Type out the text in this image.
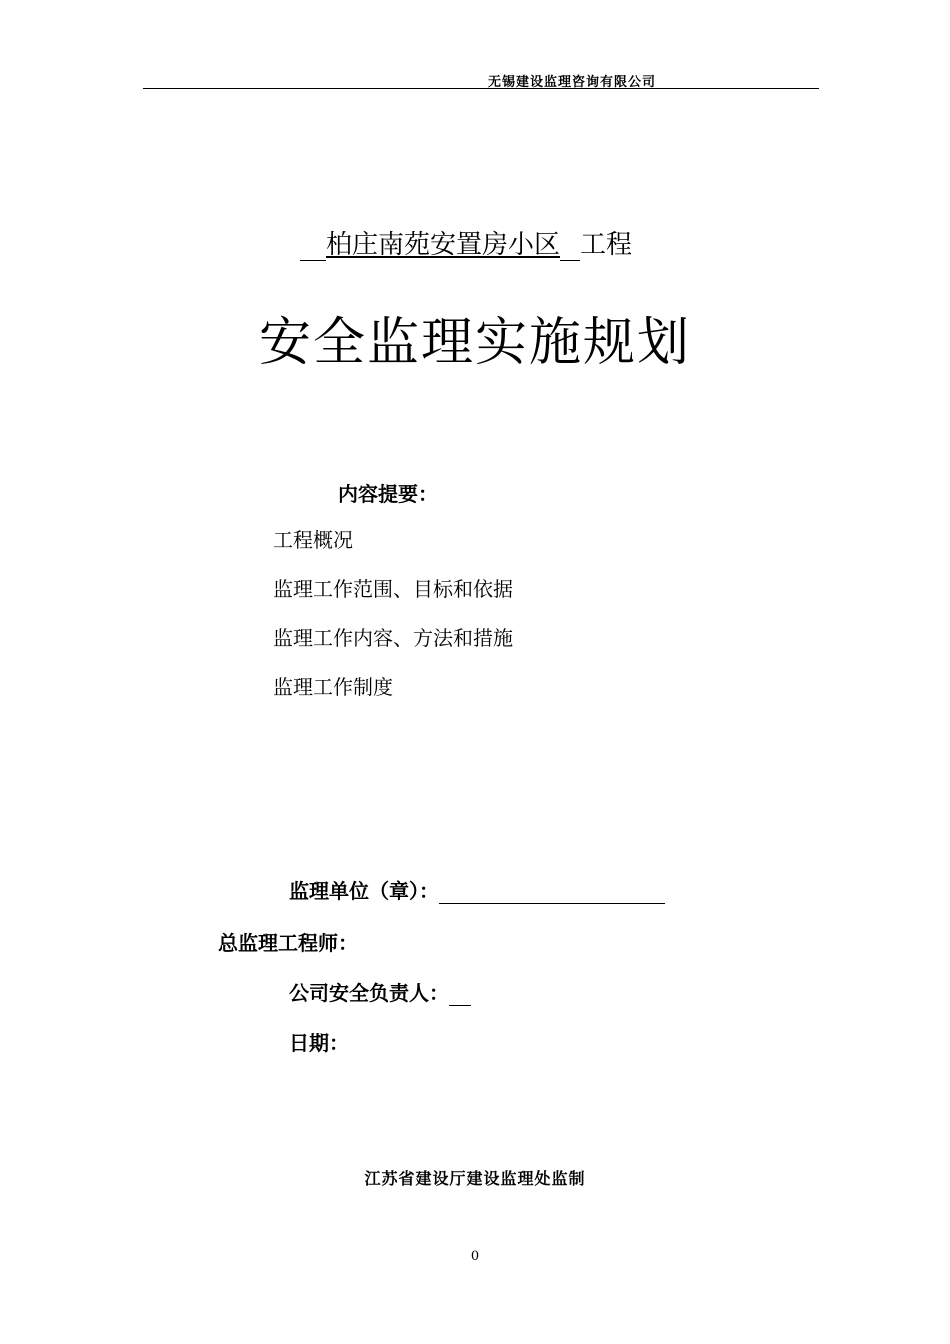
无锡建设监理咨询有限公司
柏庄南苑安置房小区 工程
安全监理实施规划
内容提要：
工程概况
监理工作范围、目标和依据
监理工作内容、方法和措施
监理工作制度
监理单位（章）：
总监理工程师：
公司安全负责人：
日期：
江苏省建设厅建设监理处监制
0
